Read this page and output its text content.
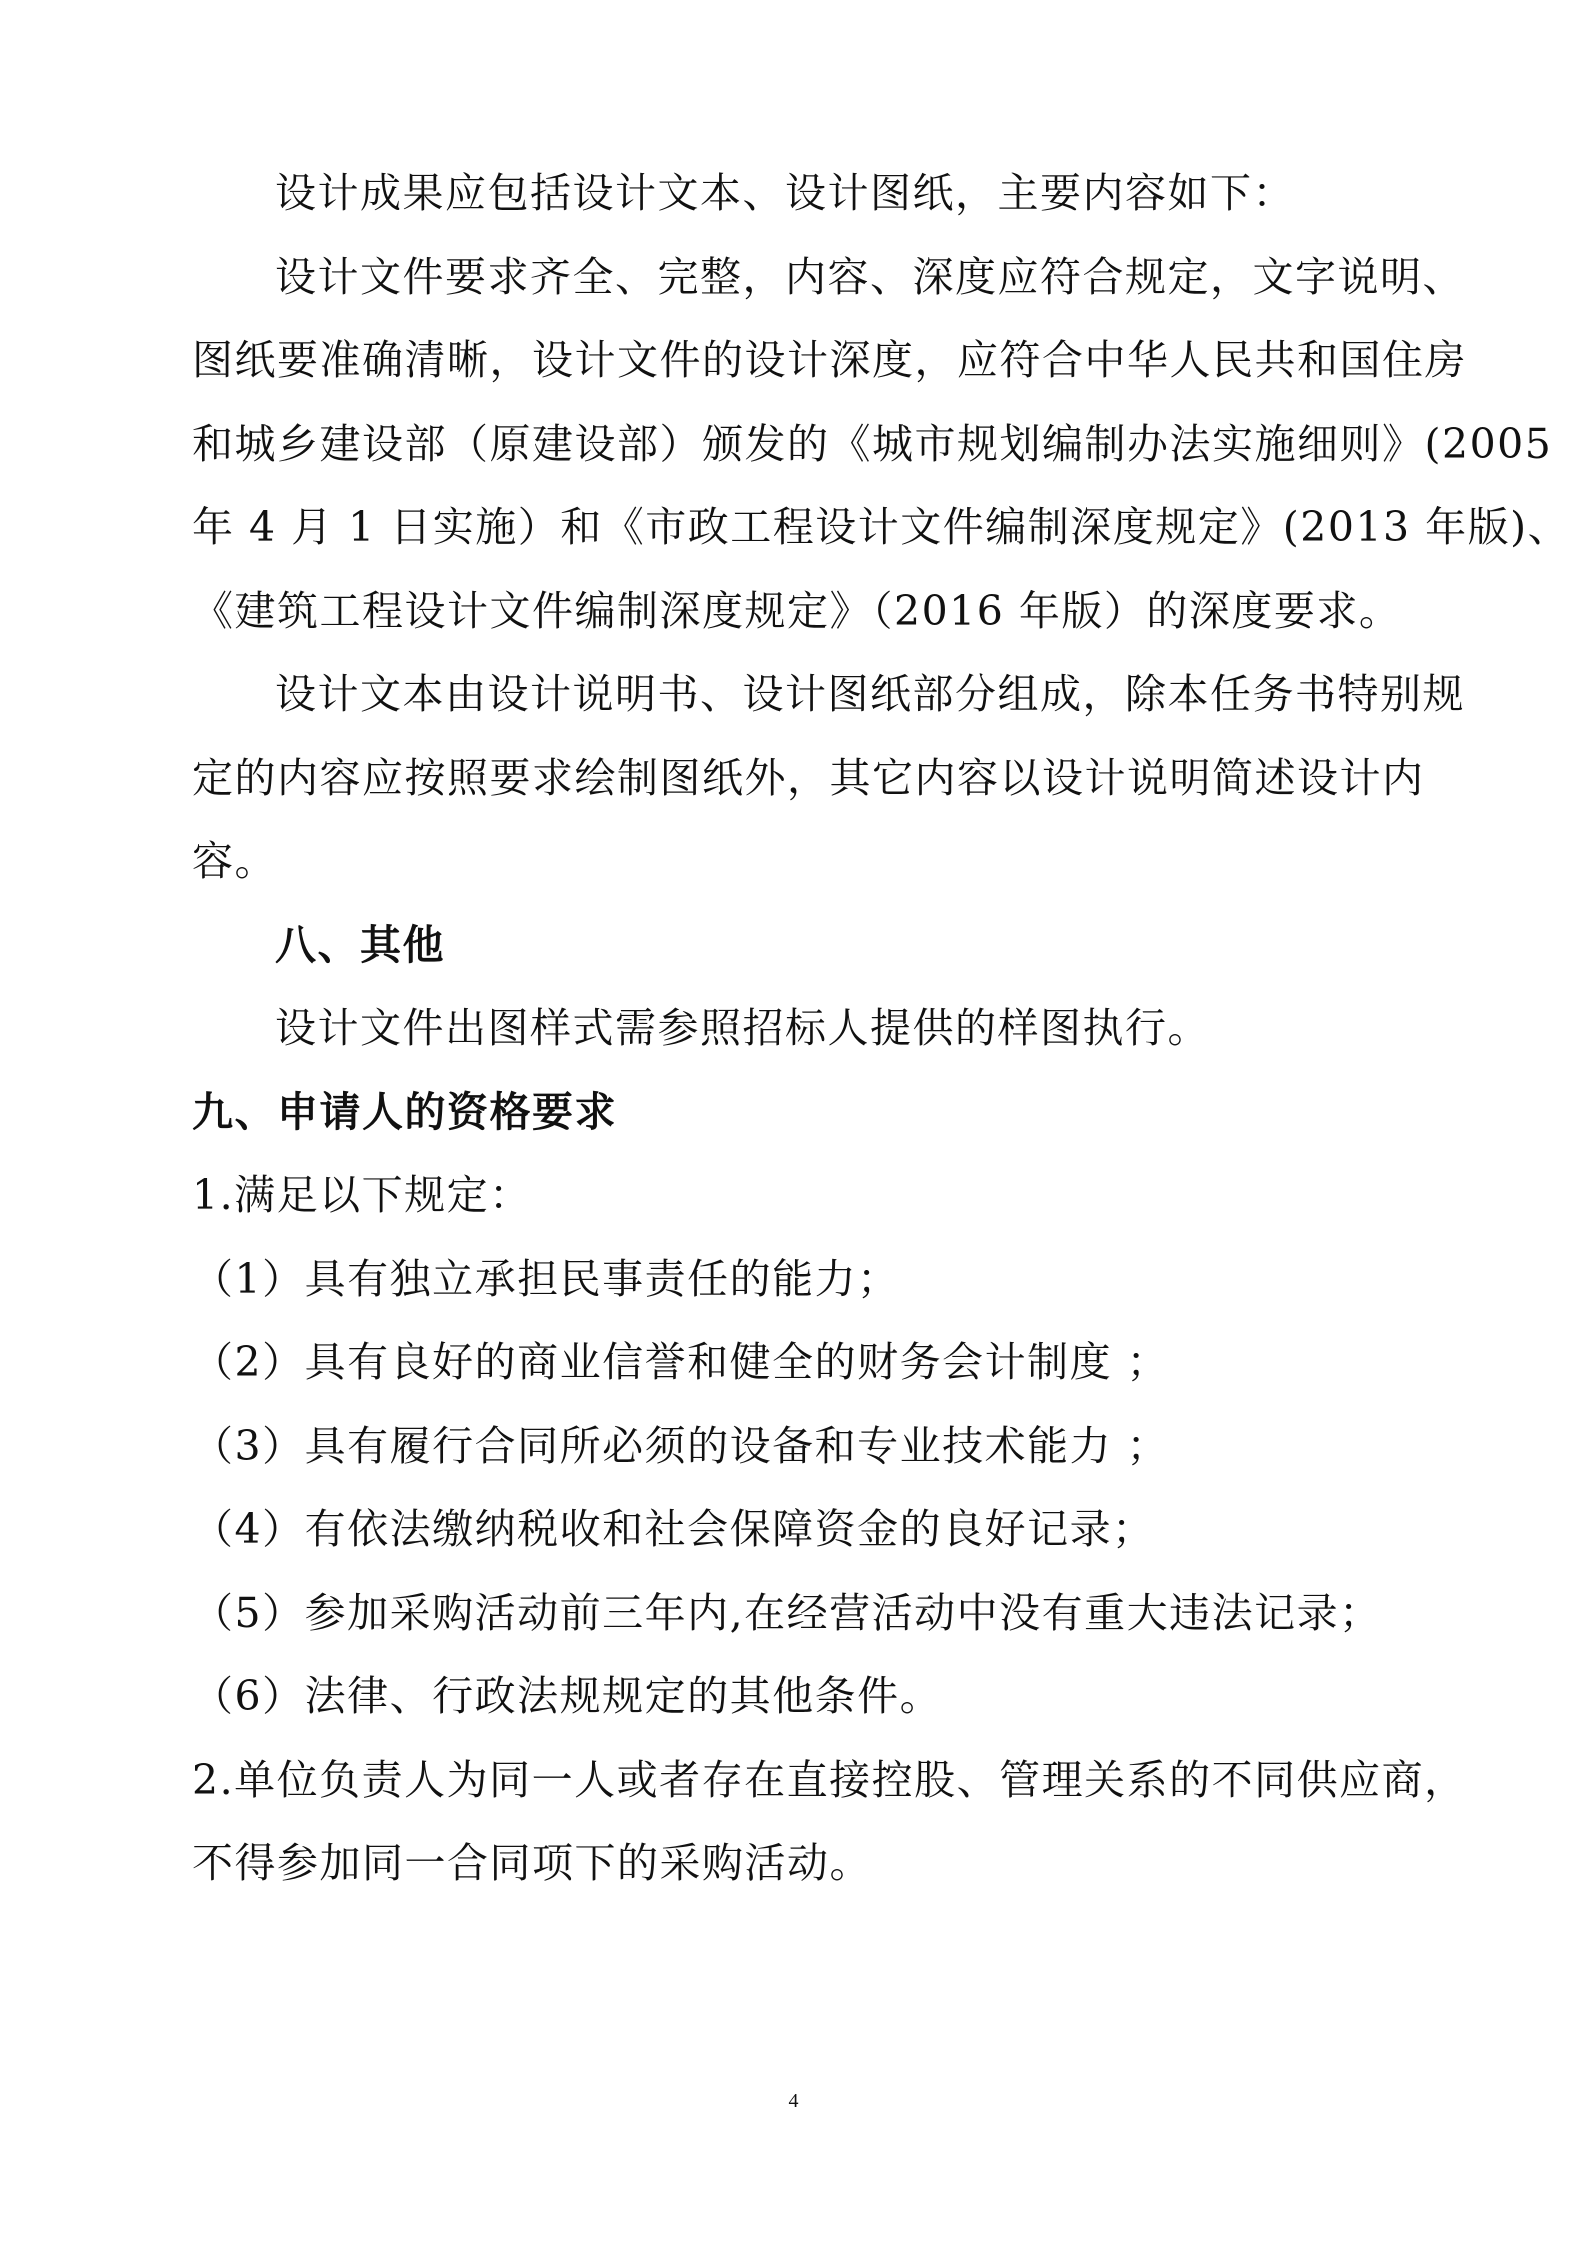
设计成果应包括设计文本、设计图纸，主要内容如下：
设计文件要求齐全、完整，内容、深度应符合规定，文字说明、
图纸要准确清晰，设计文件的设计深度，应符合中华人民共和国住房
和城乡建设部（原建设部）颁发的《城市规划编制办法实施细则》(2005
年 4 月 1 日实施）和《市政工程设计文件编制深度规定》(2013 年版)、
《建筑工程设计文件编制深度规定》（2016 年版）的深度要求。
设计文本由设计说明书、设计图纸部分组成，除本任务书特别规
定的内容应按照要求绘制图纸外，其它内容以设计说明简述设计内
容。
八、其他
设计文件出图样式需参照招标人提供的样图执行。
九、申请人的资格要求
1.满足以下规定：
（1）具有独立承担民事责任的能力；
（2）具有良好的商业信誉和健全的财务会计制度 ；
（3）具有履行合同所必须的设备和专业技术能力 ；
（4）有依法缴纳税收和社会保障资金的良好记录；
（5）参加采购活动前三年内,在经营活动中没有重大违法记录；
（6）法律、行政法规规定的其他条件。
2.单位负责人为同一人或者存在直接控股、管理关系的不同供应商，
不得参加同一合同项下的采购活动。
4
